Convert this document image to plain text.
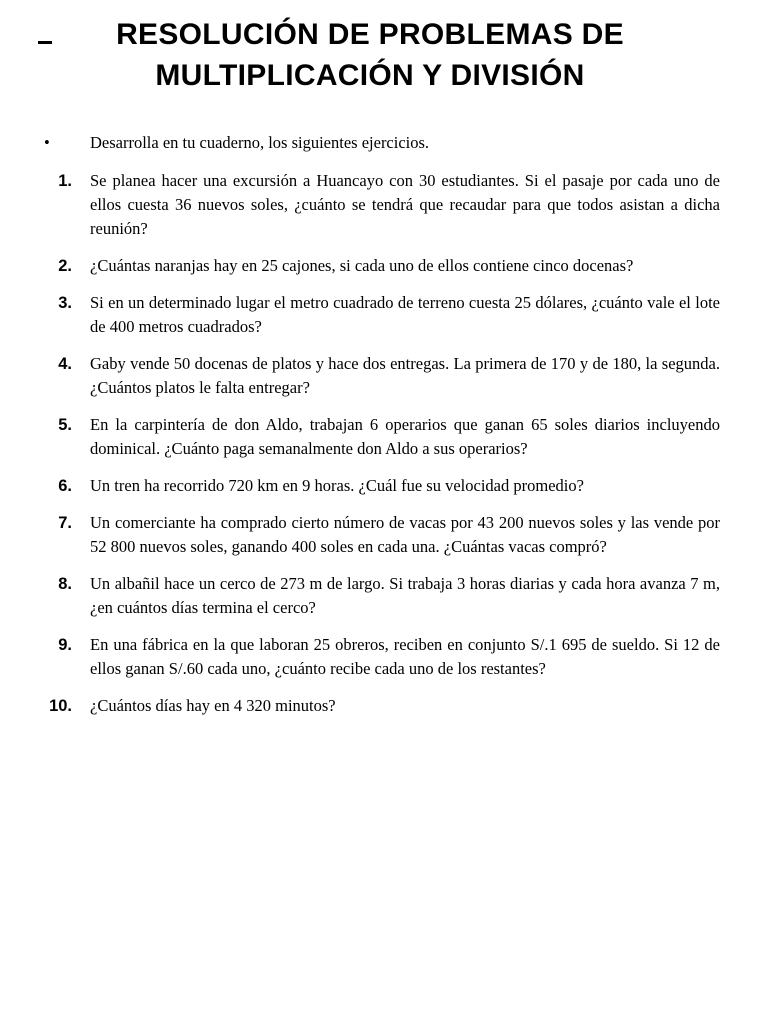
RESOLUCIÓN DE PROBLEMAS DE
MULTIPLICACIÓN Y DIVISIÓN
• Desarrolla en tu cuaderno, los siguientes ejercicios.
1. Se planea hacer una excursión a Huancayo con 30 estudiantes. Si el pasaje por cada uno de ellos cuesta 36 nuevos soles, ¿cuánto se tendrá que recaudar para que todos asistan a dicha reunión?
2. ¿Cuántas naranjas hay en 25 cajones, si cada uno de ellos contiene cinco docenas?
3. Si en un determinado lugar el metro cuadrado de terreno cuesta 25 dólares, ¿cuánto vale el lote de 400 metros cuadrados?
4. Gaby vende 50 docenas de platos y hace dos entregas. La primera de 170 y de 180, la segunda. ¿Cuántos platos le falta entregar?
5. En la carpintería de don Aldo, trabajan 6 operarios que ganan 65 soles diarios incluyendo dominical. ¿Cuánto paga semanalmente don Aldo a sus operarios?
6. Un tren ha recorrido 720 km en 9 horas. ¿Cuál fue su velocidad promedio?
7. Un comerciante ha comprado cierto número de vacas por 43 200 nuevos soles y las vende por 52 800 nuevos soles, ganando 400 soles en cada una. ¿Cuántas vacas compró?
8. Un albañil hace un cerco de 273 m de largo. Si trabaja 3 horas diarias y cada hora avanza 7 m, ¿en cuántos días termina el cerco?
9. En una fábrica en la que laboran 25 obreros, reciben en conjunto S/.1 695 de sueldo. Si 12 de ellos ganan S/.60 cada uno, ¿cuánto recibe cada uno de los restantes?
10. ¿Cuántos días hay en 4 320 minutos?
